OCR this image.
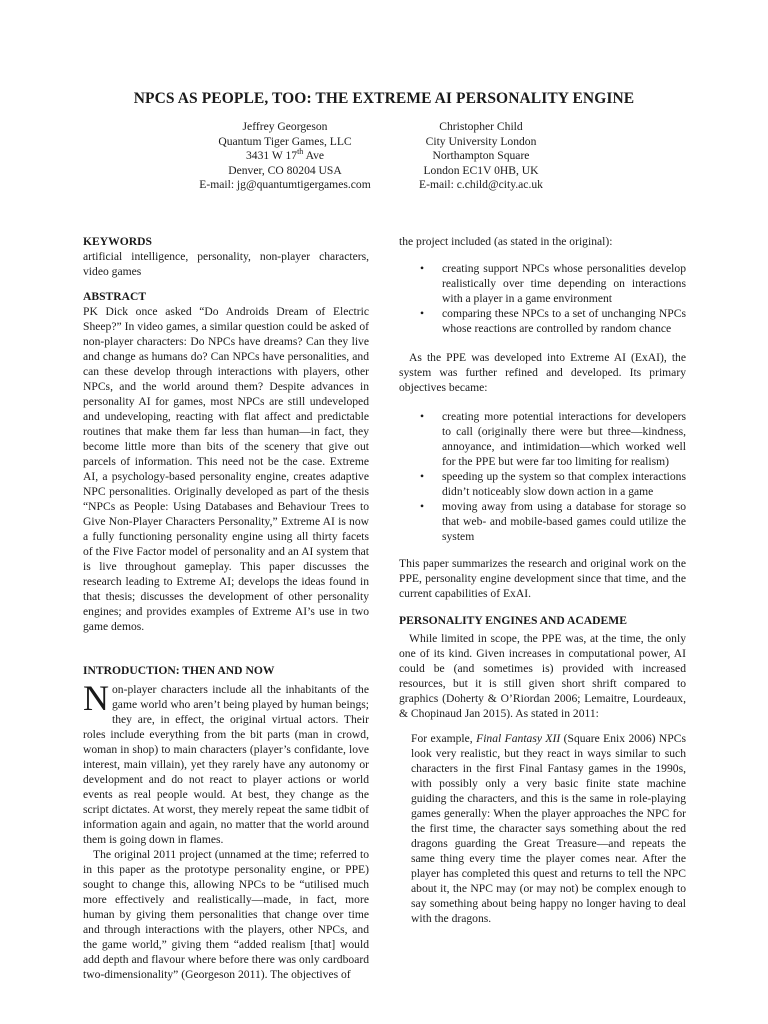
NPCS AS PEOPLE, TOO: THE EXTREME AI PERSONALITY ENGINE
Jeffrey Georgeson
Quantum Tiger Games, LLC
3431 W 17th Ave
Denver, CO 80204 USA
E-mail: jg@quantumtigergames.com
Christopher Child
City University London
Northampton Square
London EC1V 0HB, UK
E-mail: c.child@city.ac.uk
KEYWORDS

artificial intelligence, personality, non-player characters, video games

ABSTRACT

PK Dick once asked “Do Androids Dream of Electric Sheep?” In video games, a similar question could be asked of non-player characters: Do NPCs have dreams? Can they live and change as humans do? Can NPCs have personalities, and can these develop through interactions with players, other NPCs, and the world around them? Despite advances in personality AI for games, most NPCs are still undeveloped and undeveloping, reacting with flat affect and predictable routines that make them far less than human—in fact, they become little more than bits of the scenery that give out parcels of information. This need not be the case. Extreme AI, a psychology-based personality engine, creates adaptive NPC personalities. Originally developed as part of the thesis “NPCs as People: Using Databases and Behaviour Trees to Give Non-Player Characters Personality,” Extreme AI is now a fully functioning personality engine using all thirty facets of the Five Factor model of personality and an AI system that is live throughout gameplay. This paper discusses the research leading to Extreme AI; develops the ideas found in that thesis; discusses the development of other personality engines; and provides examples of Extreme AI’s use in two game demos.

INTRODUCTION: THEN AND NOW

Non-player characters include all the inhabitants of the game world who aren’t being played by human beings; they are, in effect, the original virtual actors. Their roles include everything from the bit parts (man in crowd, woman in shop) to main characters (player’s confidante, love interest, main villain), yet they rarely have any autonomy or development and do not react to player actions or world events as real people would. At best, they change as the script dictates. At worst, they merely repeat the same tidbit of information again and again, no matter that the world around them is going down in flames.

The original 2011 project (unnamed at the time; referred to in this paper as the prototype personality engine, or PPE) sought to change this, allowing NPCs to be “utilised much more effectively and realistically—made, in fact, more human by giving them personalities that change over time and through interactions with the players, other NPCs, and the game world,” giving them “added realism [that] would add depth and flavour where before there was only cardboard two-dimensionality” (Georgeson 2011). The objectives of

the project included (as stated in the original):

• creating support NPCs whose personalities develop realistically over time depending on interactions with a player in a game environment
• comparing these NPCs to a set of unchanging NPCs whose reactions are controlled by random chance

As the PPE was developed into Extreme AI (ExAI), the system was further refined and developed. Its primary objectives became:

• creating more potential interactions for developers to call (originally there were but three—kindness, annoyance, and intimidation—which worked well for the PPE but were far too limiting for realism)
• speeding up the system so that complex interactions didn’t noticeably slow down action in a game
• moving away from using a database for storage so that web- and mobile-based games could utilize the system

This paper summarizes the research and original work on the PPE, personality engine development since that time, and the current capabilities of ExAI.

PERSONALITY ENGINES AND ACADEME

While limited in scope, the PPE was, at the time, the only one of its kind. Given increases in computational power, AI could be (and sometimes is) provided with increased resources, but it is still given short shrift compared to graphics (Doherty & O’Riordan 2006; Lemaitre, Lourdeaux, & Chopinaud Jan 2015). As stated in 2011:

For example, Final Fantasy XII (Square Enix 2006) NPCs look very realistic, but they react in ways similar to such characters in the first Final Fantasy games in the 1990s, with possibly only a very basic finite state machine guiding the characters, and this is the same in role-playing games generally: When the player approaches the NPC for the first time, the character says something about the red dragons guarding the Great Treasure—and repeats the same thing every time the player comes near. After the player has completed this quest and returns to tell the NPC about it, the NPC may (or may not) be complex enough to say something about being happy no longer having to deal with the dragons.
